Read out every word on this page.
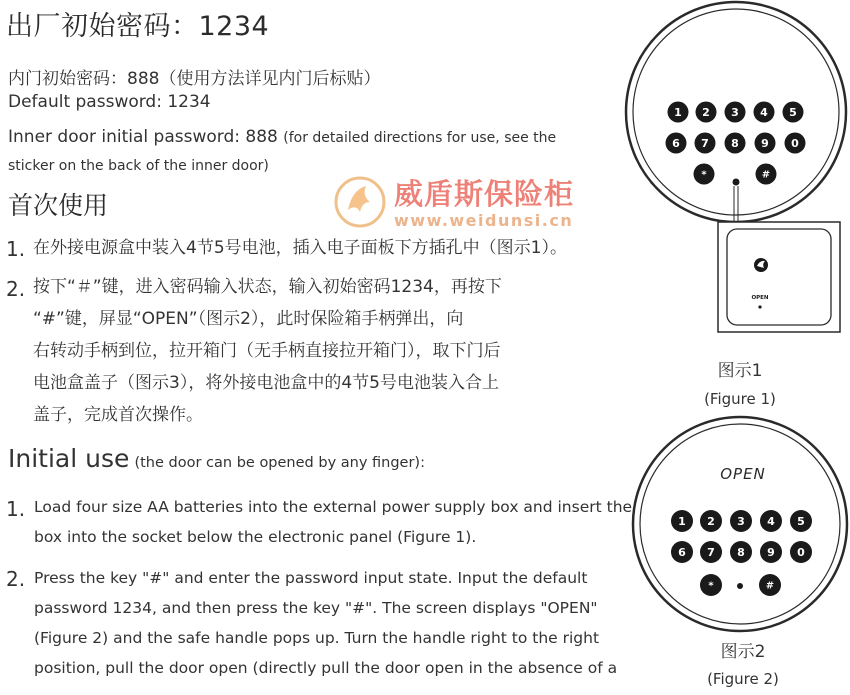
出厂初始密码：1234
内门初始密码：888（使用方法详见内门后标贴）
Default password: 1234
Inner door initial password: 888 (for detailed directions for use, see the
sticker on the back of the inner door)
威盾斯保险柜
www.weidunsi.cn
首次使用
1. 在外接电源盒中装入4节5号电池，插入电子面板下方插孔中（图示1）。
2. 按下“＃”键，进入密码输入状态，输入初始密码1234，再按下
“#”键，屏显“OPEN”（图示2），此时保险箱手柄弹出，向
右转动手柄到位，拉开箱门（无手柄直接拉开箱门），取下门后
电池盒盖子（图示3），将外接电池盒中的4节5号电池装入合上
盖子，完成首次操作。
Initial use (the door can be opened by any finger):
1. Load four size AA batteries into the external power supply box and insert the
box into the socket below the electronic panel (Figure 1).
2. Press the key "#" and enter the password input state. Input the default
password 1234, and then press the key "#". The screen displays "OPEN"
(Figure 2) and the safe handle pops up. Turn the handle right to the right
position, pull the door open (directly pull the door open in the absence of a
1 2 3 4 5
6 7 8 9 0
*	#
OPEN
图示1
(Figure 1)
OPEN
1 2 3 4 5
6 7 8 9 0
*	#
图示2
(Figure 2)
